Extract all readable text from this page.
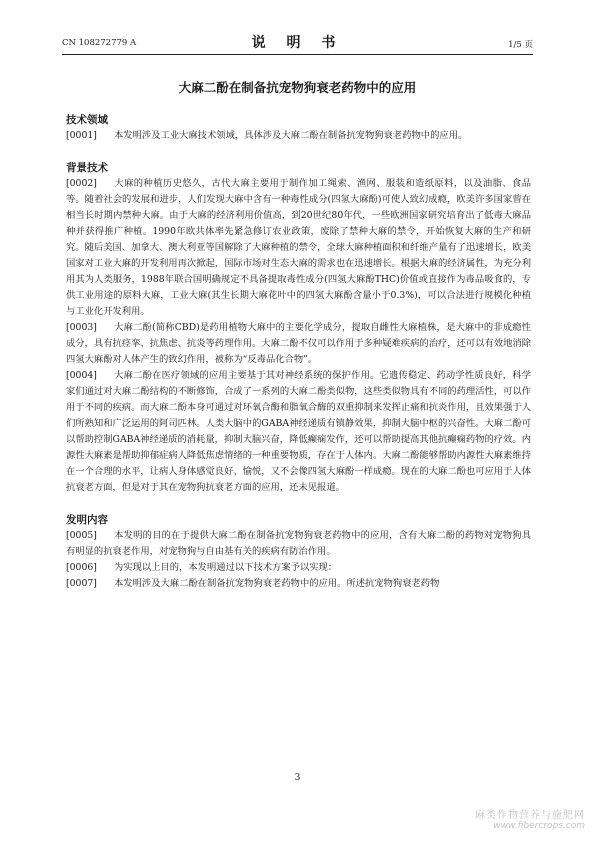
CN 108272779 A	说 明 书	1/5 页
大麻二酚在制备抗宠物狗衰老药物中的应用
技术领域

[0001] 本发明涉及工业大麻技术领域，具体涉及大麻二酚在制备抗宠物狗衰老药物中的应用。

背景技术

[0002] 大麻的种植历史悠久，古代大麻主要用于制作加工绳索、渔网、服装和造纸原料，以及油脂、食品等。随着社会的发展和进步，人们发现大麻中含有一种毒性成分(四氢大麻酚)可使人致幻成瘾，欧美许多国家曾在相当长时期内禁种大麻。由于大麻的经济利用价值高，到20世纪80年代，一些欧洲国家研究培育出了低毒大麻品种并获得推广种植。1990年欧共体率先紧急修订农业政策，废除了禁种大麻的禁令，开始恢复大麻的生产和研究。随后美国、加拿大、澳大利亚等国解除了大麻种植的禁令，全球大麻种植面积和纤维产量有了迅速增长，欧美国家对工业大麻的开发利用再次掀起，国际市场对生态大麻的需求也在迅速增长。根据大麻的经济属性，为充分利用其为人类服务，1988年联合国明确规定不具备提取毒性成分(四氢大麻酚THC)价值或直接作为毒品吸食的，专供工业用途的原料大麻，工业大麻(其生长期大麻花叶中的四氢大麻酚含量小于0.3%)，可以合法进行规模化种植与工业化开发利用。

[0003] 大麻二酚(简称CBD)是药用植物大麻中的主要化学成分，提取自雌性大麻植株，是大麻中的非成瘾性成分，具有抗痉挛、抗焦虑、抗炎等药理作用。大麻二酚不仅可以作用于多种疑难疾病的治疗，还可以有效地消除四氢大麻酚对人体产生的致幻作用，被称为“反毒品化合物”。

[0004] 大麻二酚在医疗领域的应用主要基于其对神经系统的保护作用。它遗传稳定、药动学性质良好，科学家们通过对大麻二酚结构的不断修饰，合成了一系列的大麻二酚类似物，这些类似物具有不同的药理活性，可以作用于不同的疾病。而大麻二酚本身可通过对环氧合酶和脂氧合酶的双重抑制来发挥止痛和抗炎作用，且效果强于人们所熟知和广泛运用的阿司匹林。人类大脑中的GABA神经递质有镇静效果，抑制大脑中枢的兴奋性。大麻二酚可以帮助控制GABA神经递质的消耗量，抑制大脑兴奋，降低癫痫发作，还可以帮助提高其他抗癫痫药物的疗效。内源性大麻素是帮助抑郁症病人降低焦虑情绪的一种重要物质，存在于人体内。大麻二酚能够帮助内源性大麻素维持在一个合理的水平，让病人身体感觉良好、愉悦，又不会像四氢大麻酚一样成瘾。现在的大麻二酚也可应用于人体抗衰老方面，但是对于其在宠物狗抗衰老方面的应用，还未见报道。

发明内容

[0005] 本发明的目的在于提供大麻二酚在制备抗宠物狗衰老药物中的应用，含有大麻二酚的药物对宠物狗具有明显的抗衰老作用，对宠物狗与自由基有关的疾病有防治作用。

[0006] 为实现以上目的，本发明通过以下技术方案予以实现：

[0007] 本发明涉及大麻二酚在制备抗宠物狗衰老药物中的应用。所述抗宠物狗衰老药物

3
麻类作物营养与施肥网
www.fibercrops.com
